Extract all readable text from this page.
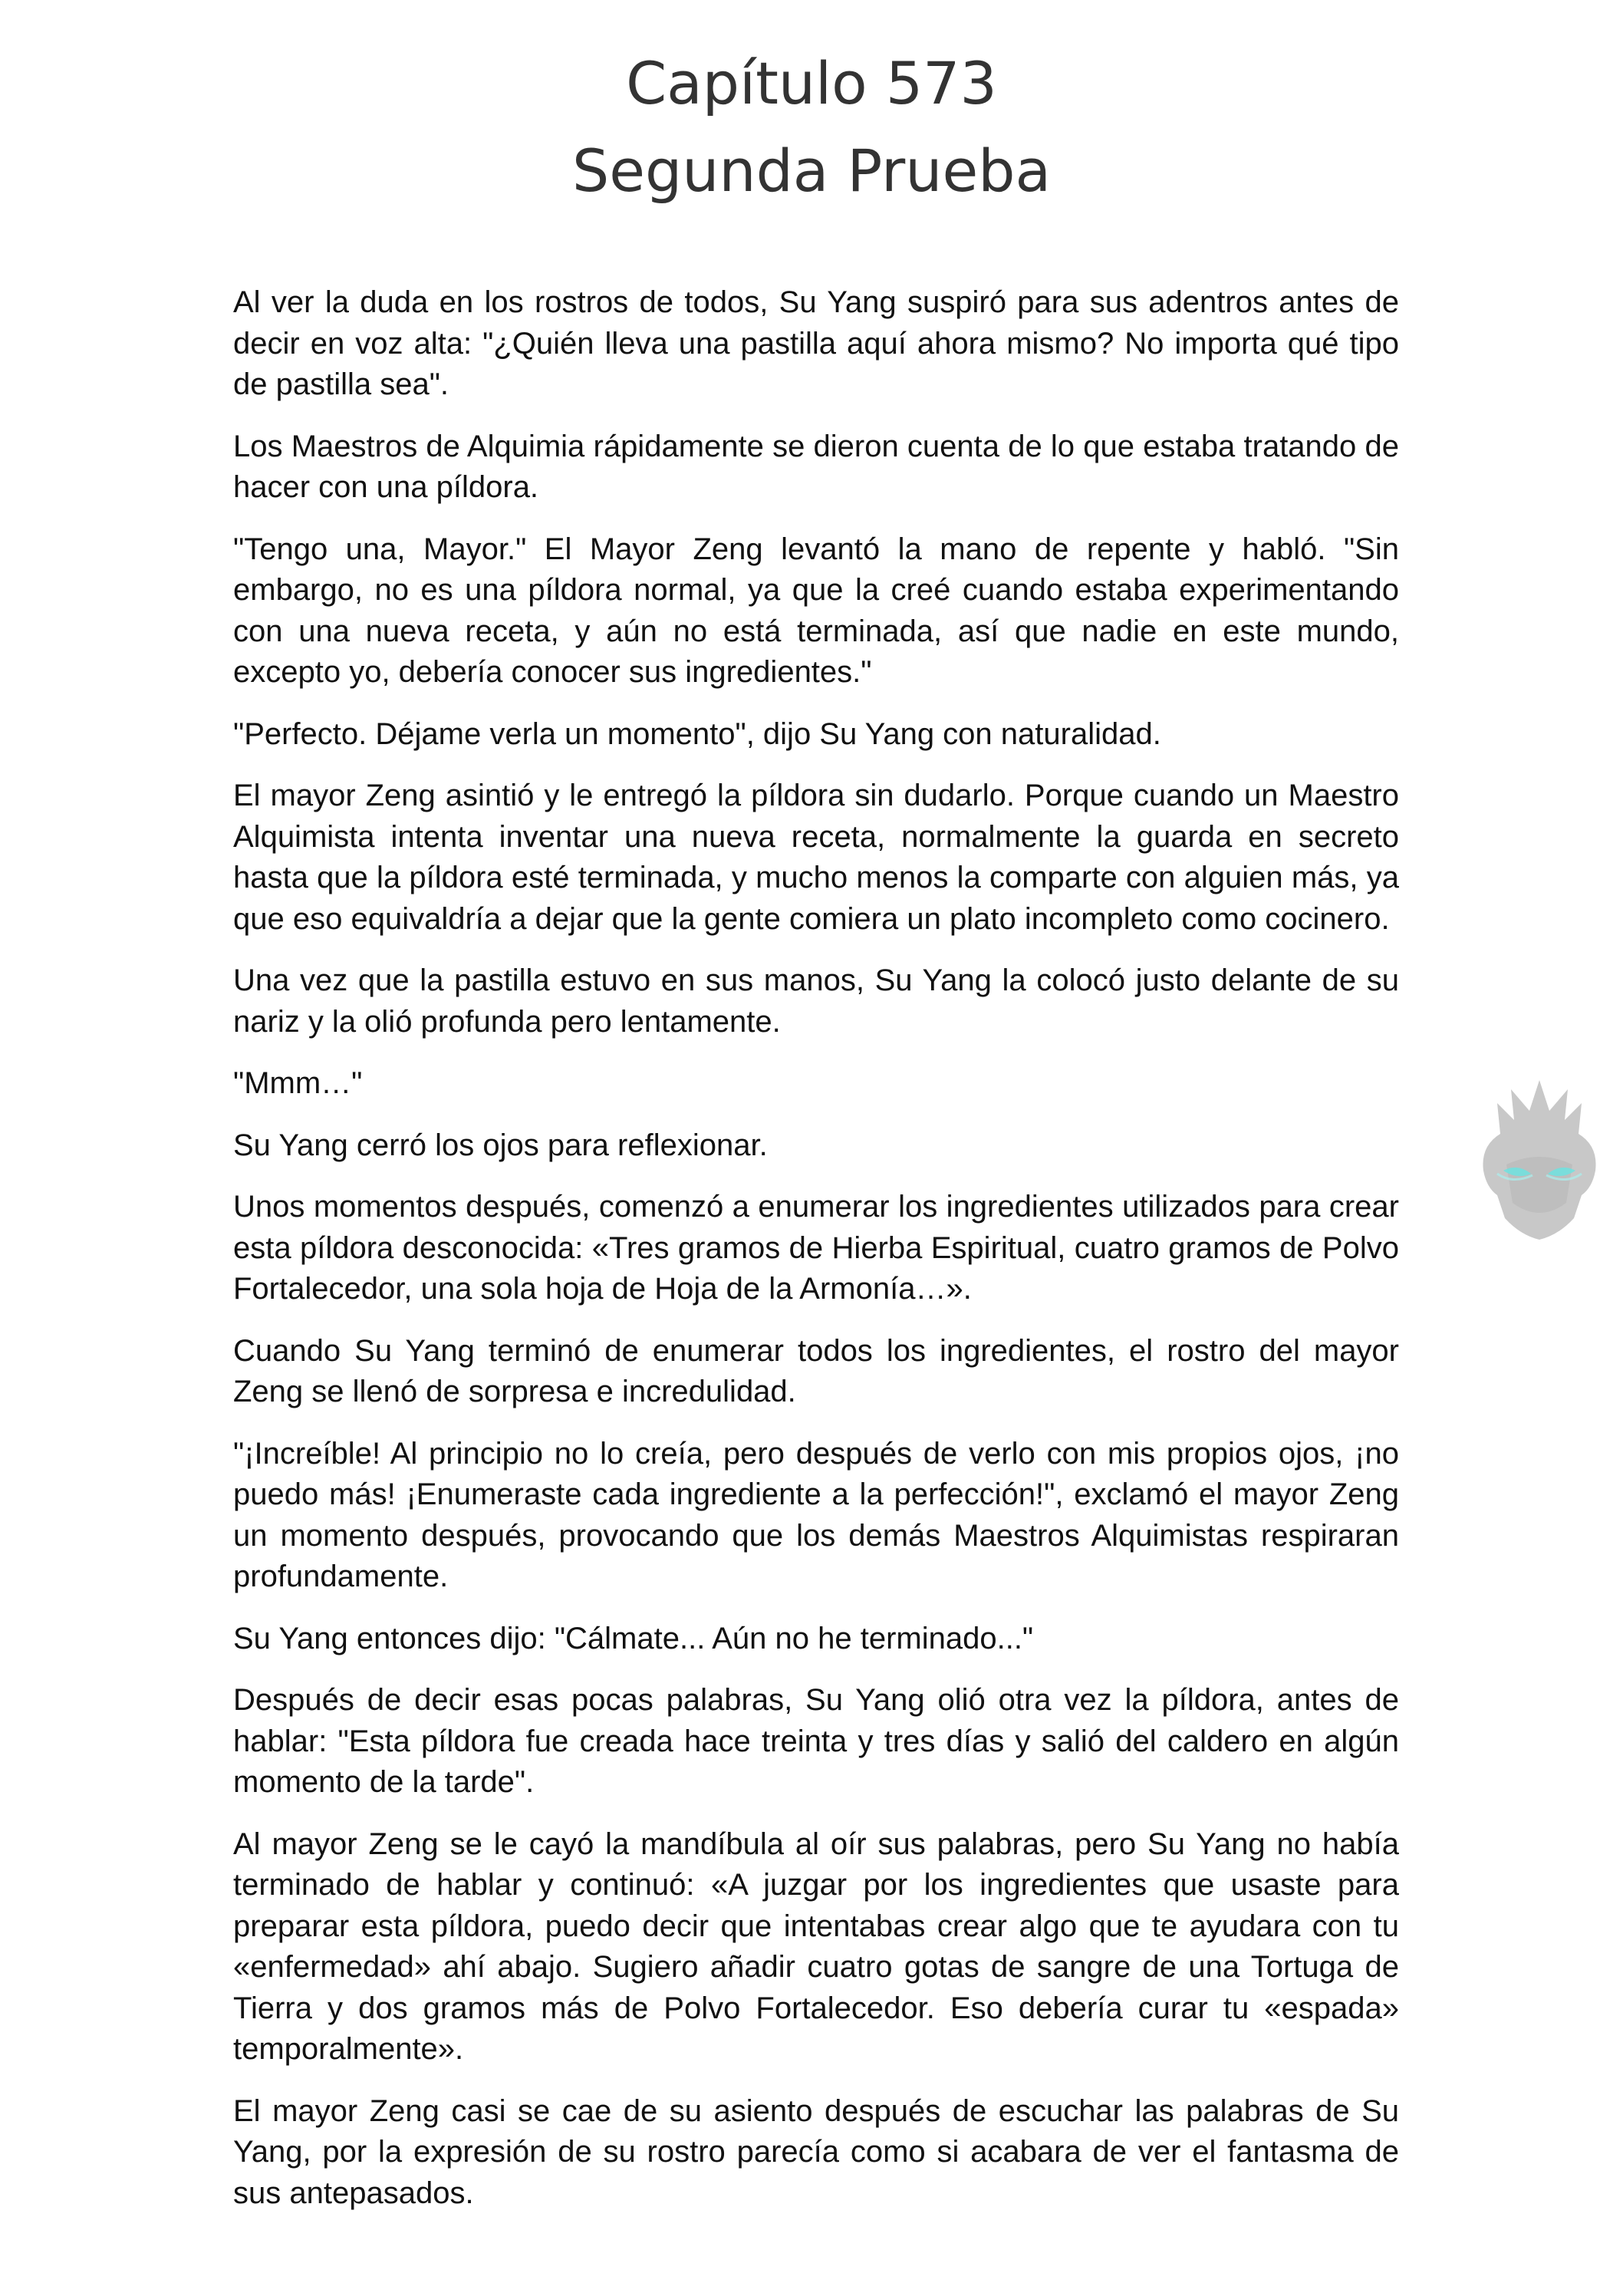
Capítulo 573
Segunda Prueba

Al ver la duda en los rostros de todos, Su Yang suspiró para sus adentros antes de decir en voz alta: "¿Quién lleva una pastilla aquí ahora mismo? No importa qué tipo de pastilla sea".

Los Maestros de Alquimia rápidamente se dieron cuenta de lo que estaba tratando de hacer con una píldora.

"Tengo una, Mayor." El Mayor Zeng levantó la mano de repente y habló. "Sin embargo, no es una píldora normal, ya que la creé cuando estaba experimentando con una nueva receta, y aún no está terminada, así que nadie en este mundo, excepto yo, debería conocer sus ingredientes."

"Perfecto. Déjame verla un momento", dijo Su Yang con naturalidad.

El mayor Zeng asintió y le entregó la píldora sin dudarlo. Porque cuando un Maestro Alquimista intenta inventar una nueva receta, normalmente la guarda en secreto hasta que la píldora esté terminada, y mucho menos la comparte con alguien más, ya que eso equivaldría a dejar que la gente comiera un plato incompleto como cocinero.

Una vez que la pastilla estuvo en sus manos, Su Yang la colocó justo delante de su nariz y la olió profunda pero lentamente.

"Mmm…"

Su Yang cerró los ojos para reflexionar.

Unos momentos después, comenzó a enumerar los ingredientes utilizados para crear esta píldora desconocida: «Tres gramos de Hierba Espiritual, cuatro gramos de Polvo Fortalecedor, una sola hoja de Hoja de la Armonía…».

Cuando Su Yang terminó de enumerar todos los ingredientes, el rostro del mayor Zeng se llenó de sorpresa e incredulidad.

"¡Increíble! Al principio no lo creía, pero después de verlo con mis propios ojos, ¡no puedo más! ¡Enumeraste cada ingrediente a la perfección!", exclamó el mayor Zeng un momento después, provocando que los demás Maestros Alquimistas respiraran profundamente.

Su Yang entonces dijo: "Cálmate... Aún no he terminado..."

Después de decir esas pocas palabras, Su Yang olió otra vez la píldora, antes de hablar: "Esta píldora fue creada hace treinta y tres días y salió del caldero en algún momento de la tarde".

Al mayor Zeng se le cayó la mandíbula al oír sus palabras, pero Su Yang no había terminado de hablar y continuó: «A juzgar por los ingredientes que usaste para preparar esta píldora, puedo decir que intentabas crear algo que te ayudara con tu «enfermedad» ahí abajo. Sugiero añadir cuatro gotas de sangre de una Tortuga de Tierra y dos gramos más de Polvo Fortalecedor. Eso debería curar tu «espada» temporalmente».

El mayor Zeng casi se cae de su asiento después de escuchar las palabras de Su Yang, por la expresión de su rostro parecía como si acabara de ver el fantasma de sus antepasados.
